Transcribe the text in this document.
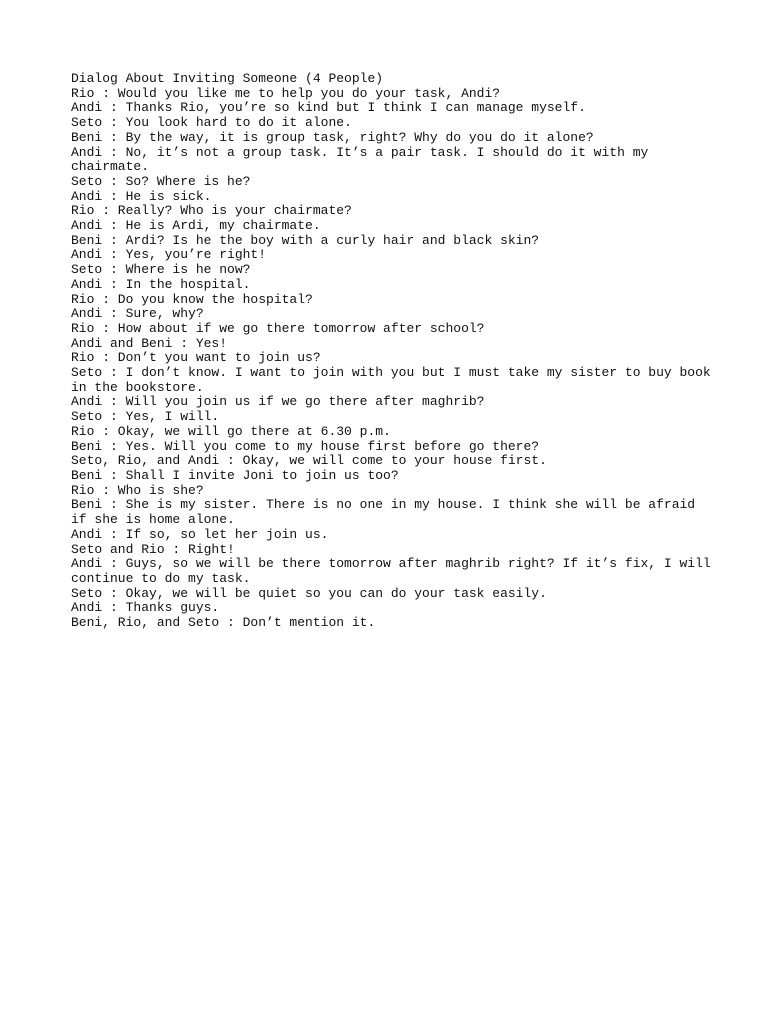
Dialog About Inviting Someone (4 People)
Rio : Would you like me to help you do your task, Andi?
Andi : Thanks Rio, you’re so kind but I think I can manage myself.
Seto : You look hard to do it alone.
Beni : By the way, it is group task, right? Why do you do it alone?
Andi : No, it’s not a group task. It’s a pair task. I should do it with my chairmate.
Seto : So? Where is he?
Andi : He is sick.
Rio : Really? Who is your chairmate?
Andi : He is Ardi, my chairmate.
Beni : Ardi? Is he the boy with a curly hair and black skin?
Andi : Yes, you’re right!
Seto : Where is he now?
Andi : In the hospital.
Rio : Do you know the hospital?
Andi : Sure, why?
Rio : How about if we go there tomorrow after school?
Andi and Beni : Yes!
Rio : Don’t you want to join us?
Seto : I don’t know. I want to join with you but I must take my sister to buy book in the bookstore.
Andi : Will you join us if we go there after maghrib?
Seto : Yes, I will.
Rio : Okay, we will go there at 6.30 p.m.
Beni : Yes. Will you come to my house first before go there?
Seto, Rio, and Andi : Okay, we will come to your house first.
Beni : Shall I invite Joni to join us too?
Rio : Who is she?
Beni : She is my sister. There is no one in my house. I think she will be afraid if she is home alone.
Andi : If so, so let her join us.
Seto and Rio : Right!
Andi : Guys, so we will be there tomorrow after maghrib right? If it’s fix, I will continue to do my task.
Seto : Okay, we will be quiet so you can do your task easily.
Andi : Thanks guys.
Beni, Rio, and Seto : Don’t mention it.
